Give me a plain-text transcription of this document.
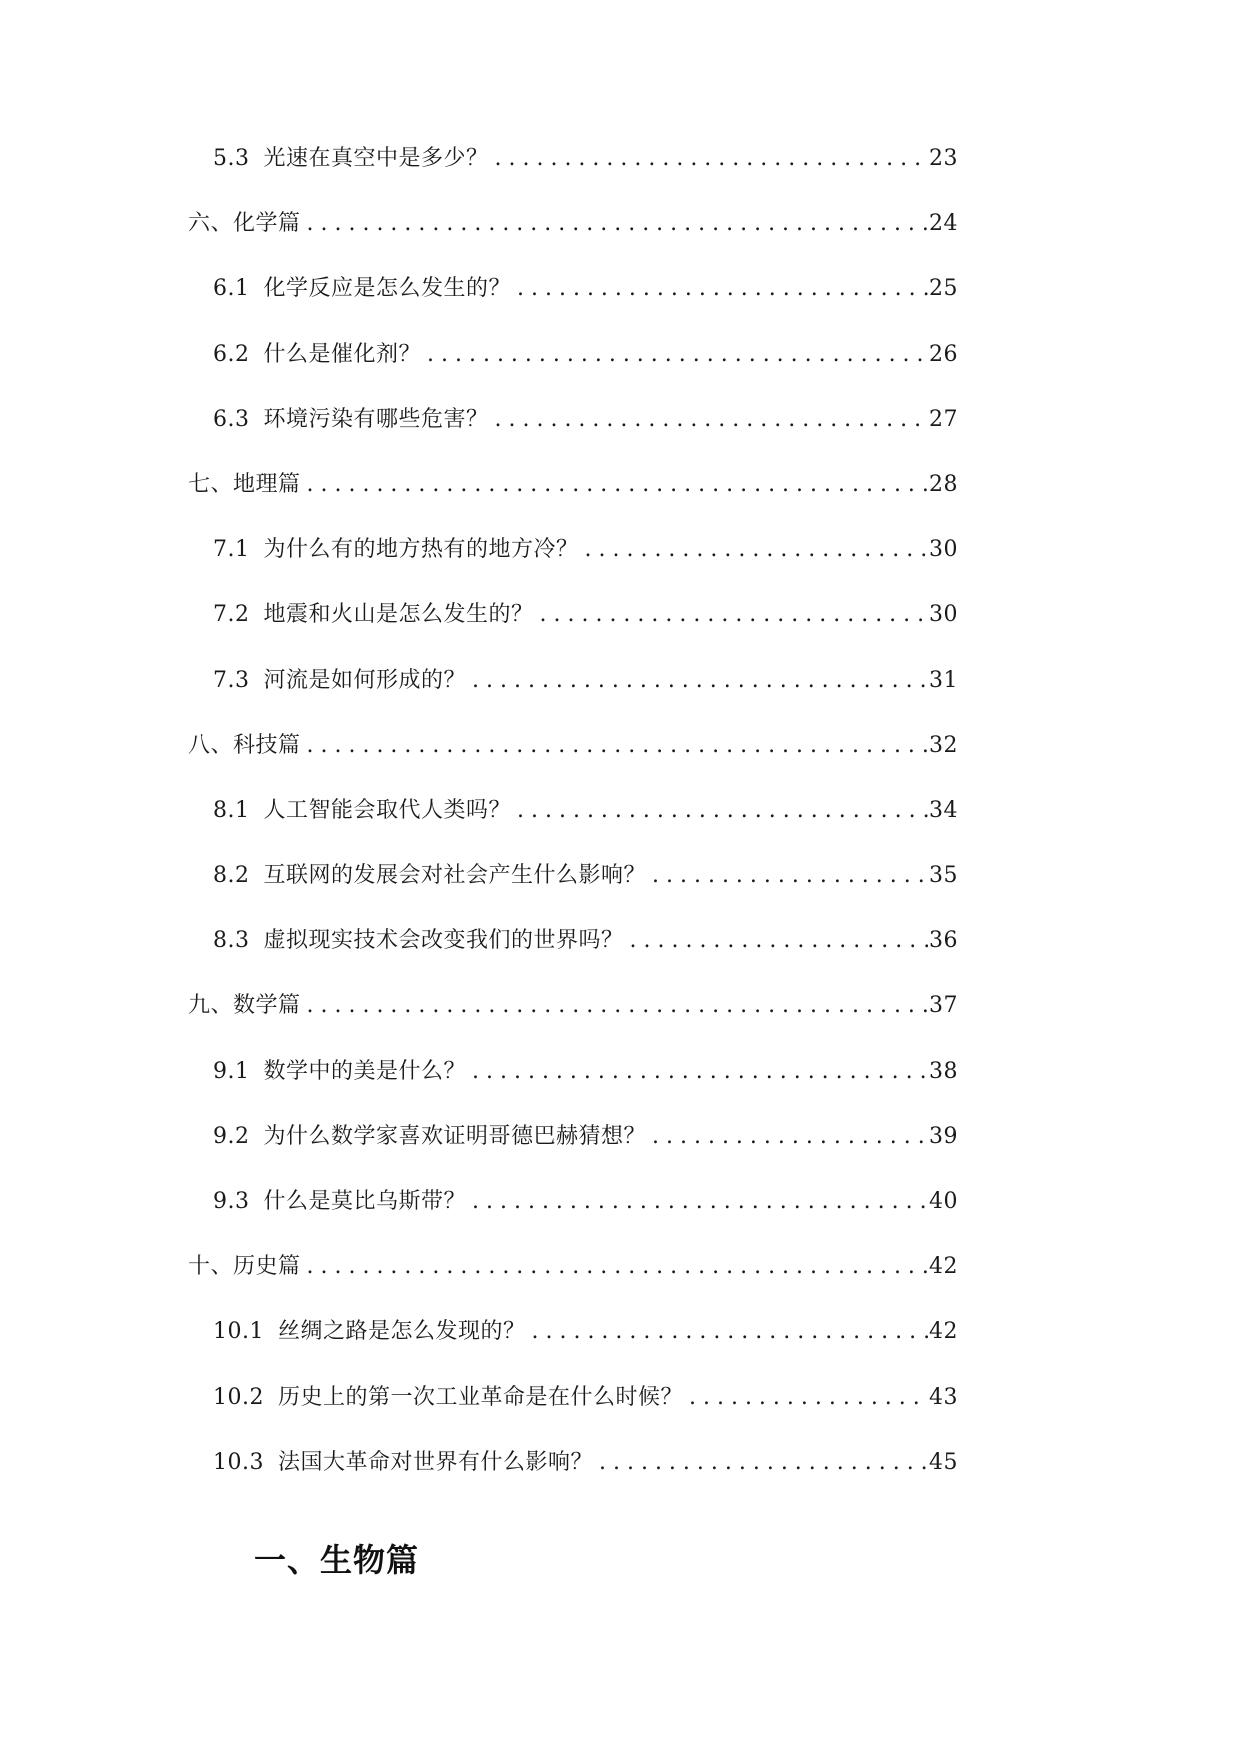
5.3 光速在真空中是多少？ . . .	23
六、化学篇 . . .	24
6.1 化学反应是怎么发生的？ . . .	25
6.2 什么是催化剂？ . . .	26
6.3 环境污染有哪些危害？ . . .	27
七、地理篇 . . .	28
7.1 为什么有的地方热有的地方冷？ . . .	30
7.2 地震和火山是怎么发生的？ . . .	30
7.3 河流是如何形成的？ . . .	31
八、科技篇 . . .	32
8.1 人工智能会取代人类吗？ . . .	34
8.2 互联网的发展会对社会产生什么影响？ . . .	35
8.3 虚拟现实技术会改变我们的世界吗？ . . .	36
九、数学篇 . . .	37
9.1 数学中的美是什么？ . . .	38
9.2 为什么数学家喜欢证明哥德巴赫猜想？ . . .	39
9.3 什么是莫比乌斯带？ . . .	40
十、历史篇 . . .	42
10.1 丝绸之路是怎么发现的？ . . .	42
10.2 历史上的第一次工业革命是在什么时候？ . . .	43
10.3 法国大革命对世界有什么影响？ . . .	45
一、生物篇
